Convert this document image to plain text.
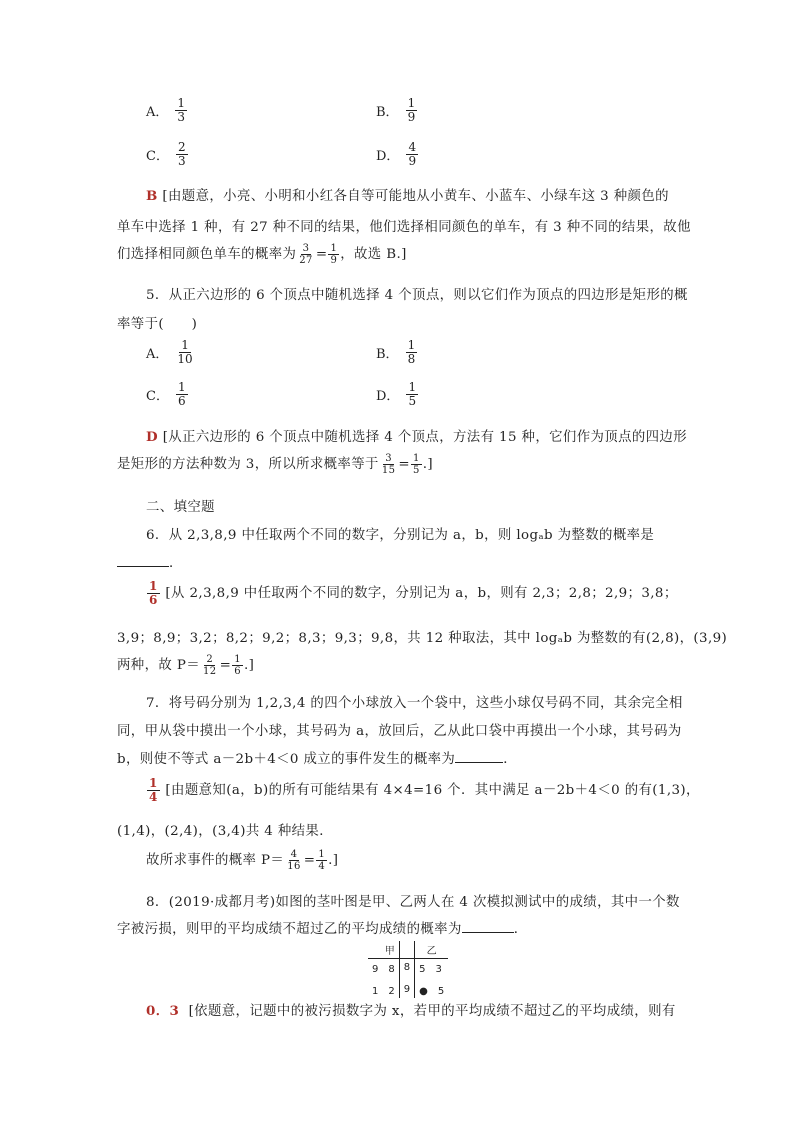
A． $\frac{1}{3}$	B． $\frac{1}{9}$
C． $\frac{2}{3}$	D． $\frac{4}{9}$
B [由题意，小亮、小明和小红各自等可能地从小黄车、小蓝车、小绿车这 3 种颜色的
单车中选择 1 种，有 27 种不同的结果，他们选择相同颜色的单车，有 3 种不同的结果，故他
们选择相同颜色单车的概率为 $\frac{3}{27} = \frac{1}{9}$ ，故选 B.]
5．从正六边形的 6 个顶点中随机选择 4 个顶点，则以它们作为顶点的四边形是矩形的概
率等于(　　)
A． $\frac{1}{10}$	B． $\frac{1}{8}$
C． $\frac{1}{6}$	D． $\frac{1}{5}$
D [从正六边形的 6 个顶点中随机选择 4 个顶点，方法有 15 种，它们作为顶点的四边形
是矩形的方法种数为 3，所以所求概率等于 $\frac{3}{15} = \frac{1}{5}$ .]
二、填空题
6．从 2,3,8,9 中任取两个不同的数字，分别记为 a，b，则 logₐb 为整数的概率是
．
$\frac{1}{6}$ [从 2,3,8,9 中任取两个不同的数字，分别记为 a，b，则有 2,3；2,8；2,9；3,8；
3,9；8,9；3,2；8,2；9,2；8,3；9,3；9,8，共 12 种取法，其中 logₐb 为整数的有(2,8)，(3,9)
两种，故 $P= \frac{2}{12} = \frac{1}{6}$ .]
7．将号码分别为 1,2,3,4 的四个小球放入一个袋中，这些小球仅号码不同，其余完全相
同，甲从袋中摸出一个小球，其号码为 a，放回后，乙从此口袋中再摸出一个小球，其号码为
b，则使不等式 a－2b＋4＜0 成立的事件发生的概率为	．
$\frac{1}{4}$ [由题意知(a，b)的所有可能结果有 4×4=16 个．其中满足 a－2b＋4＜0 的有(1,3)，
(1,4)，(2,4)，(3,4)共 4 种结果．
故所求事件的概率 $P= \frac{4}{16} = \frac{1}{4}$ .]
8．(2019·成都月考)如图的茎叶图是甲、乙两人在 4 次模拟测试中的成绩，其中一个数
字被污损，则甲的平均成绩不超过乙的平均成绩的概率为	．
甲		乙
9　8	8	5　3
1　2	9	●　5
0．3 [依题意，记题中的被污损数字为 x，若甲的平均成绩不超过乙的平均成绩，则有
